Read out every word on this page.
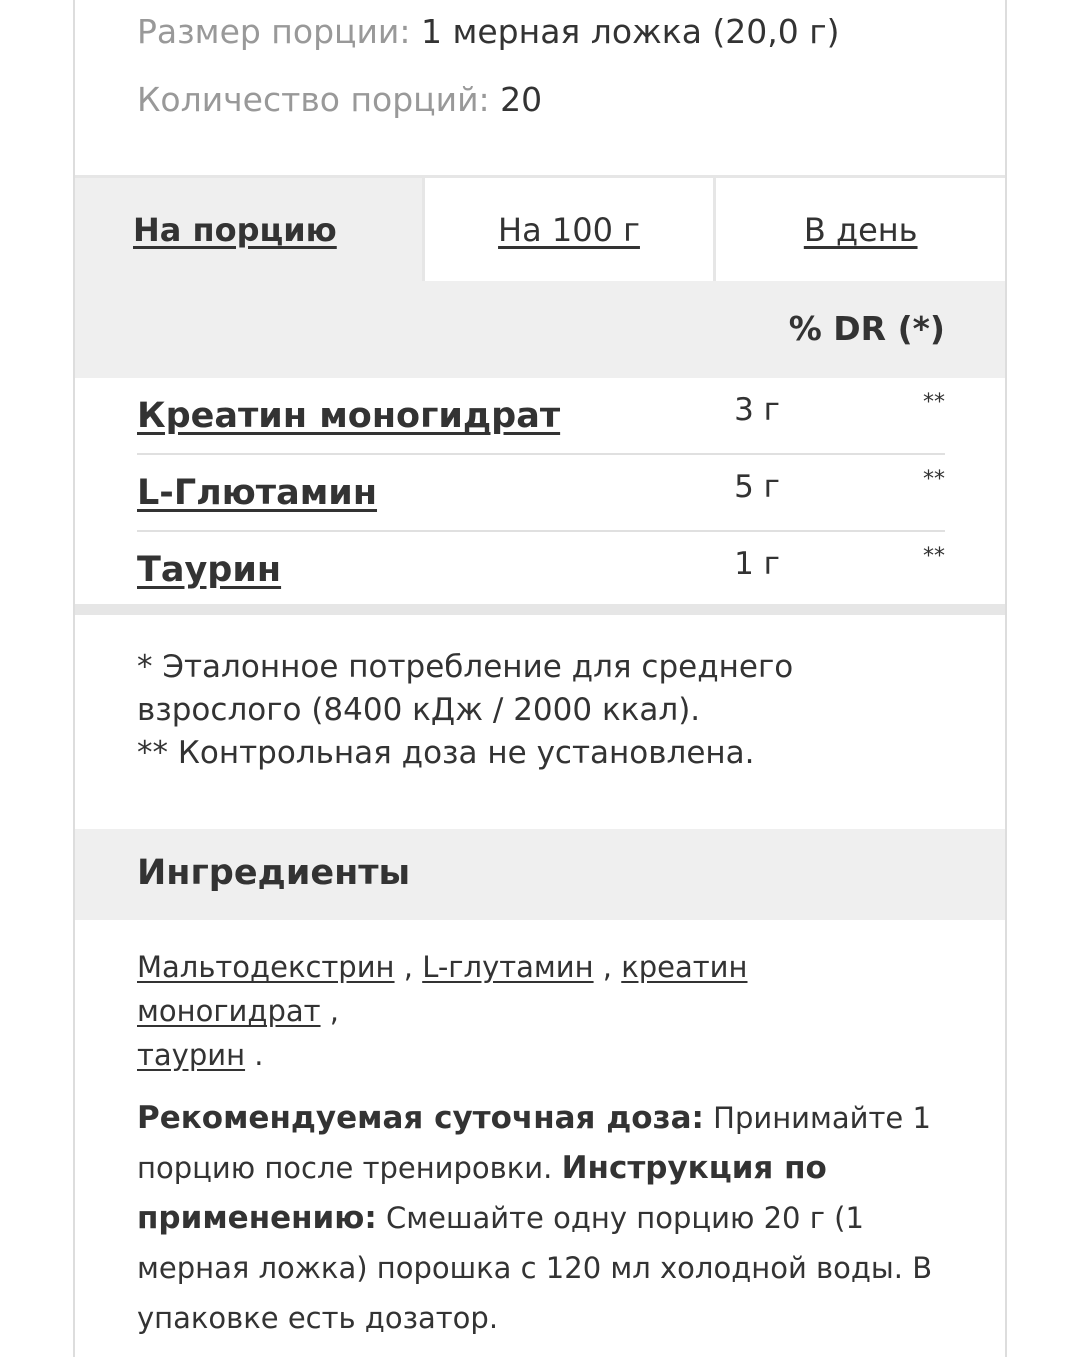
Размер порции: 1 мерная ложка (20,0 г)
Количество порций: 20
На порцию	На 100 г	В день
% DR (*)
Креатин моногидрат	3 г	**
L-Глютамин	5 г	**
Таурин	1 г	**
* Эталонное потребление для среднего
взрослого (8400 кДж / 2000 ккал).
** Контрольная доза не установлена.
Ингредиенты
Мальтодекстрин , L-глутамин , креатин моногидрат ,
таурин .
Рекомендуемая суточная доза: Принимайте 1
порцию после тренировки. Инструкция по
применению: Смешайте одну порцию 20 г (1
мерная ложка) порошка с 120 мл холодной воды. В
упаковке есть дозатор.
